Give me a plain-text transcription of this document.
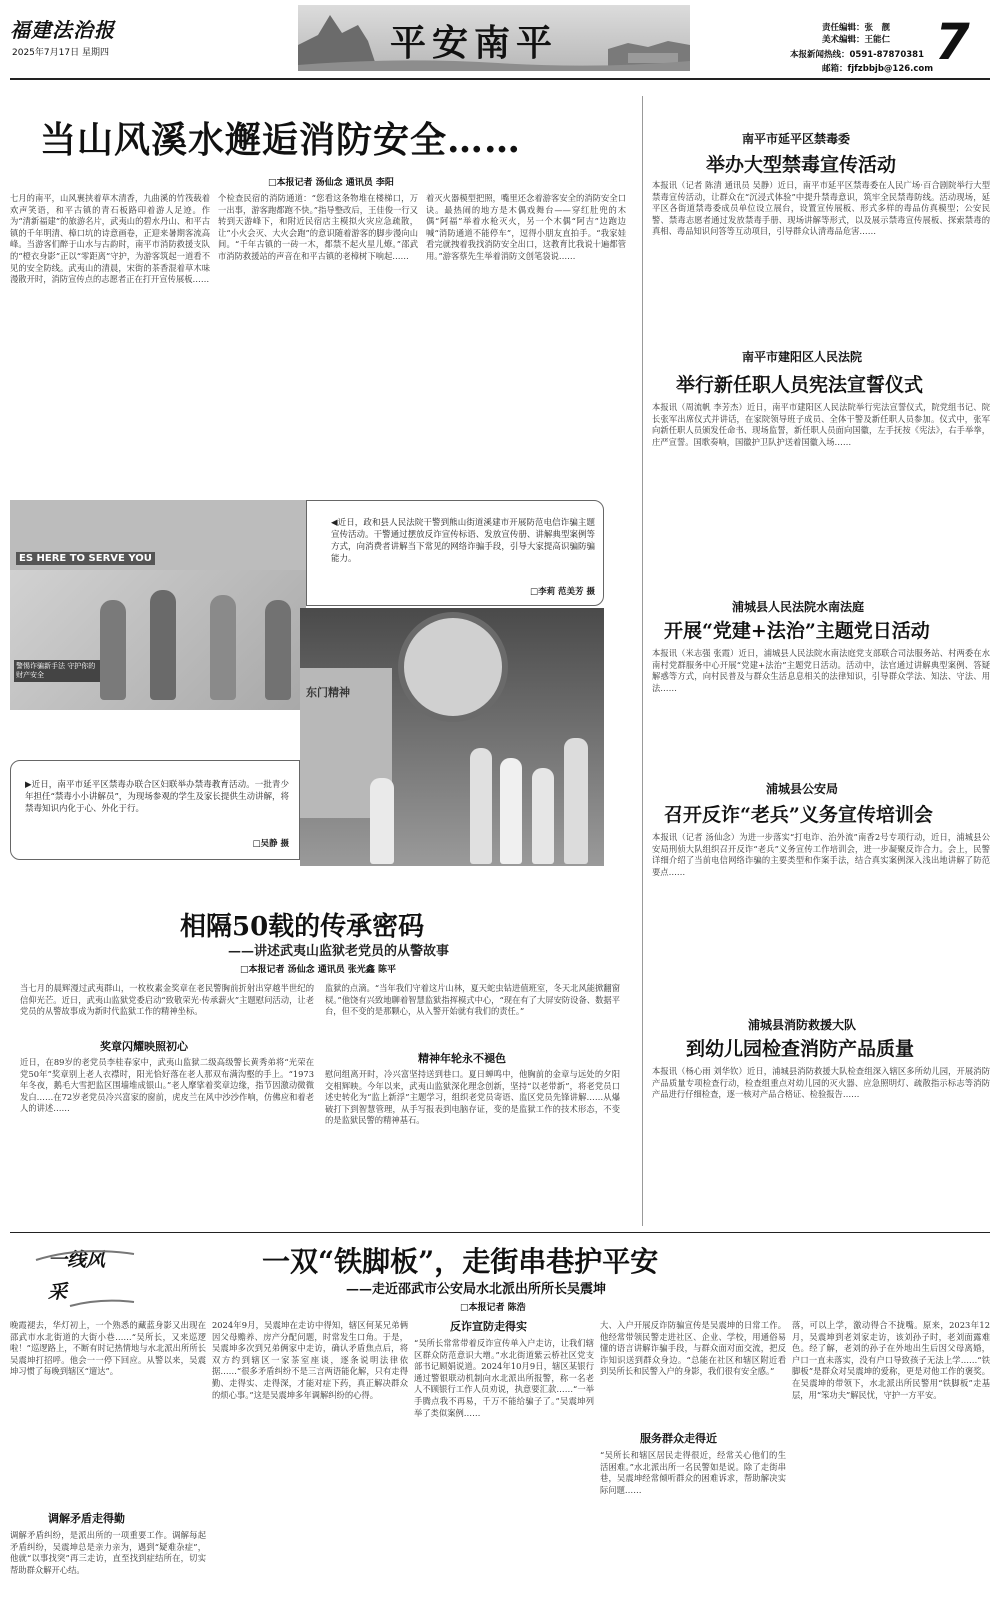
福建法治报
2025年7月17日 星期四	平安南平	责任编辑：张　靓
美术编辑：王能仁
本报新闻热线：0591-87870381
邮箱：fjfzbbjb@126.com 7
当山风溪水邂逅消防安全……
□本报记者 汤仙念 通讯员 李阳
七月的南平，山风裹挟着草木清香，九曲溪的竹筏载着欢声笑语，和平古镇的青石板路印着游人足迹。作为“清新福建”的旅游名片，武夷山的碧水丹山、和平古镇的千年明清、樟口坑的诗意画卷，正迎来暑期客流高峰。当游客们醉于山水与古韵时，南平市消防救援支队的“橙衣身影”正以“零距离”守护，为游客筑起一道看不见的安全防线。武夷山的清晨，宋街的茶香混着草木味漫散开时，消防宣传点的志愿者正在打开宣传展板……
个检查民宿的消防通道：“您看这条物堆在楼梯口，万一出事，游客跑都跑不快。”指导整改后，王佳俊一行又转到天游峰下，和附近民宿店主模拟火灾应急疏散，让“小火会灭、大火会跑”的意识随着游客的脚步漫向山间。“千年古镇的一砖一木，都禁不起火星儿燎。”邵武市消防救援站的声音在和平古镇的老樟树下响起……
着灭火器模型把照，嘴里还念着游客安全的消防安全口诀。最热闹的地方是木偶戏舞台——穿红肚兜的木偶“阿福”举着水枪灭火，另一个木偶“阿吉”边跑边喊“消防通道不能停车”，逗得小朋友直拍手。“我家娃看完就拽着我找消防安全出口，这教育比我说十遍都管用。”游客蔡先生举着消防文创笔袋说……
ES HERE TO SERVE YOU
警惕诈骗新手法 守护你的财产安全
◀近日，政和县人民法院干警到熊山街道溪建市开展防范电信诈骗主题宣传活动。干警通过摆放反诈宣传标语、发放宣传册、讲解典型案例等方式，向消费者讲解当下常见的网络诈骗手段，引导大家提高识骗防骗能力。
□李莉 范美芳 摄
东门精神
▶近日，南平市延平区禁毒办联合区妇联举办禁毒教育活动。一批青少年担任“禁毒小小讲解员”，为现场参观的学生及家长提供生动讲解，将禁毒知识内化于心、外化于行。
□吴静 摄
相隔50载的传承密码
——讲述武夷山监狱老党员的从警故事
□本报记者 汤仙念 通讯员 张光鑫 陈平
当七月的晨辉漫过武夷群山，一枚枚素金奖章在老民警胸前折射出穿越半世纪的信仰光芒。近日，武夷山监狱党委启动“致敬荣光·传承薪火”主题慰问活动，让老党员的从警故事成为新时代监狱工作的精神坐标。
监狱的点滴。“当年我们守着这片山林，夏天蛇虫钻进值班室，冬天北风能掀翻窗棂。”他饶有兴致地聊着智慧监狱指挥模式中心，“现在有了大屏安防设备、数据平台，但不变的是那颗心，从入警开始就有我们的责任。”
奖章闪耀映照初心
近日，在89岁的老党员李桂春家中，武夷山监狱二级高级警长黄秀弟将“光荣在党50年”奖章别上老人衣襟时，阳光恰好落在老人那双布满沟壑的手上。“1973年冬夜，鹅毛大雪把监区围墙堆成银山。”老人摩挲着奖章边缘，指节因激动微微发白……在72岁老党员冷兴富家的窗前，虎皮兰在风中沙沙作响，仿佛应和着老人的讲述……
精神年轮永不褪色
慰问组离开时，冷兴富坚持送到巷口。夏日蝉鸣中，他胸前的金章与远处的夕阳交相辉映。今年以来，武夷山监狱深化理念创新，坚持“以老带新”，将老党员口述史转化为“监上新浮”主题学习，组织老党员寄语、监区党员先锋讲解……从爆破打下到智慧管理，从手写报表到电脑存证，变的是监狱工作的技术形态，不变的是监狱民警的精神基石。
南平市延平区禁毒委
举办大型禁毒宣传活动
本报讯（记者 陈清 通讯员 吴静）近日，南平市延平区禁毒委在人民广场·百合剧院举行大型禁毒宣传活动，让群众在“沉浸式体验”中提升禁毒意识，筑牢全民禁毒防线。活动现场，延平区各街道禁毒委成员单位设立展台，设置宣传展板、形式多样的毒品仿真模型；公安民警、禁毒志愿者通过发放禁毒手册、现场讲解等形式，以及展示禁毒宣传展板、探索禁毒的真相、毒品知识问答等互动项目，引导群众认清毒品危害……
南平市建阳区人民法院
举行新任职人员宪法宣誓仪式
本报讯（周流帆 李芳杰）近日，南平市建阳区人民法院举行宪法宣誓仪式，院党组书记、院长张军出席仪式并讲话，在家院领导班子成员、全体干警及新任职人员参加。仪式中，张军向新任职人员颁发任命书、现场监誓，新任职人员面向国徽，左手抚按《宪法》，右手举拳，庄严宣誓。国歌奏响，国徽护卫队护送着国徽入场……
浦城县人民法院水南法庭
开展“党建+法治”主题党日活动
本报讯（米志强 张霞）近日，浦城县人民法院水南法庭党支部联合司法服务站、村两委在水南村党群服务中心开展“党建+法治”主题党日活动。活动中，法官通过讲解典型案例、答疑解惑等方式，向村民普及与群众生活息息相关的法律知识，引导群众学法、知法、守法、用法……
浦城县公安局
召开反诈“老兵”义务宣传培训会
本报讯（记者 汤仙念）为进一步落实“打电诈、治外流”南香2号专项行动，近日，浦城县公安局刑侦大队组织召开反诈“老兵”义务宣传工作培训会，进一步凝聚反诈合力。会上，民警详细介绍了当前电信网络诈骗的主要类型和作案手法，结合真实案例深入浅出地讲解了防范要点……
浦城县消防救援大队
到幼儿园检查消防产品质量
本报讯（杨心雨 刘华钦）近日，浦城县消防救援大队检查组深入辖区多所幼儿园，开展消防产品质量专项检查行动，检查组重点对幼儿园的灭火器、应急照明灯、疏散指示标志等消防产品进行仔细检查，逐一核对产品合格证、检验报告……
一线风采
一双“铁脚板”，走街串巷护平安
——走近邵武市公安局水北派出所所长吴震坤
□本报记者 陈浩
晚霞褪去，华灯初上，一个熟悉的藏蓝身影又出现在邵武市水北街道的大街小巷……“吴所长，又来巡逻啦！”巡逻路上，不断有时记热情地与水北派出所所长吴震坤打招呼。他会一一停下回应。从警以来，吴震坤习惯了每晚到辖区“遛达”。
调解矛盾走得勤
调解矛盾纠纷，是派出所的一项重要工作。调解每起矛盾纠纷，吴震坤总是亲力亲为，遇到“疑难杂症”，他就“以事找突”再三走访，直至找到症结所在，切实帮助群众解开心结。
2024年9月，吴震坤在走访中得知，辖区何某兄弟俩因父母赡养、房产分配问题，时常发生口角。于是，吴震坤多次到兄弟俩家中走访，确认矛盾焦点后，将双方约到辖区一家茶室座谈，逐条说明法律依据……“很多矛盾纠纷不是三言两语能化解，只有走得勤、走得实、走得深，才能对症下药，真正解决群众的烦心事。”这是吴震坤多年调解纠纷的心得。
反诈宣防走得实
“吴所长常常带着反诈宣传单入户走访，让我们辖区群众防范意识大增。”水北街道紫云桥社区党支部书记顾娟说道。2024年10月9日，辖区某银行通过警银联动机制向水北派出所报警，称一名老人不顾银行工作人员劝说，执意要汇款……“一举手腾点我不再易，千万不能给骗子了。”吴震坤列举了类似案例……
大、入户开展反诈防骗宣传是吴震坤的日常工作。他经常带领民警走进社区、企业、学校，用通俗易懂的语言讲解诈骗手段，与群众面对面交流，把反诈知识送到群众身边。“总能在社区和辖区附近看到吴所长和民警入户的身影，我们很有安全感。”
服务群众走得近
“吴所长和辖区居民走得很近，经常关心他们的生活困难。”水北派出所一名民警如是说。除了走街串巷，吴震坤经常倾听群众的困难诉求，帮助解决实际问题……
落，可以上学，激动得合不拢嘴。原来，2023年12月，吴震坤到老刘家走访，该刘孙子时，老刘面露难色。经了解，老刘的孙子在外地出生后因父母离婚，户口一直未落实，没有户口导致孩子无法上学……“铁脚板”是群众对吴震坤的爱称，更是对他工作的褒奖。在吴震坤的带领下，水北派出所民警用“铁脚板”走基层，用“笨功夫”解民忧，守护一方平安。
